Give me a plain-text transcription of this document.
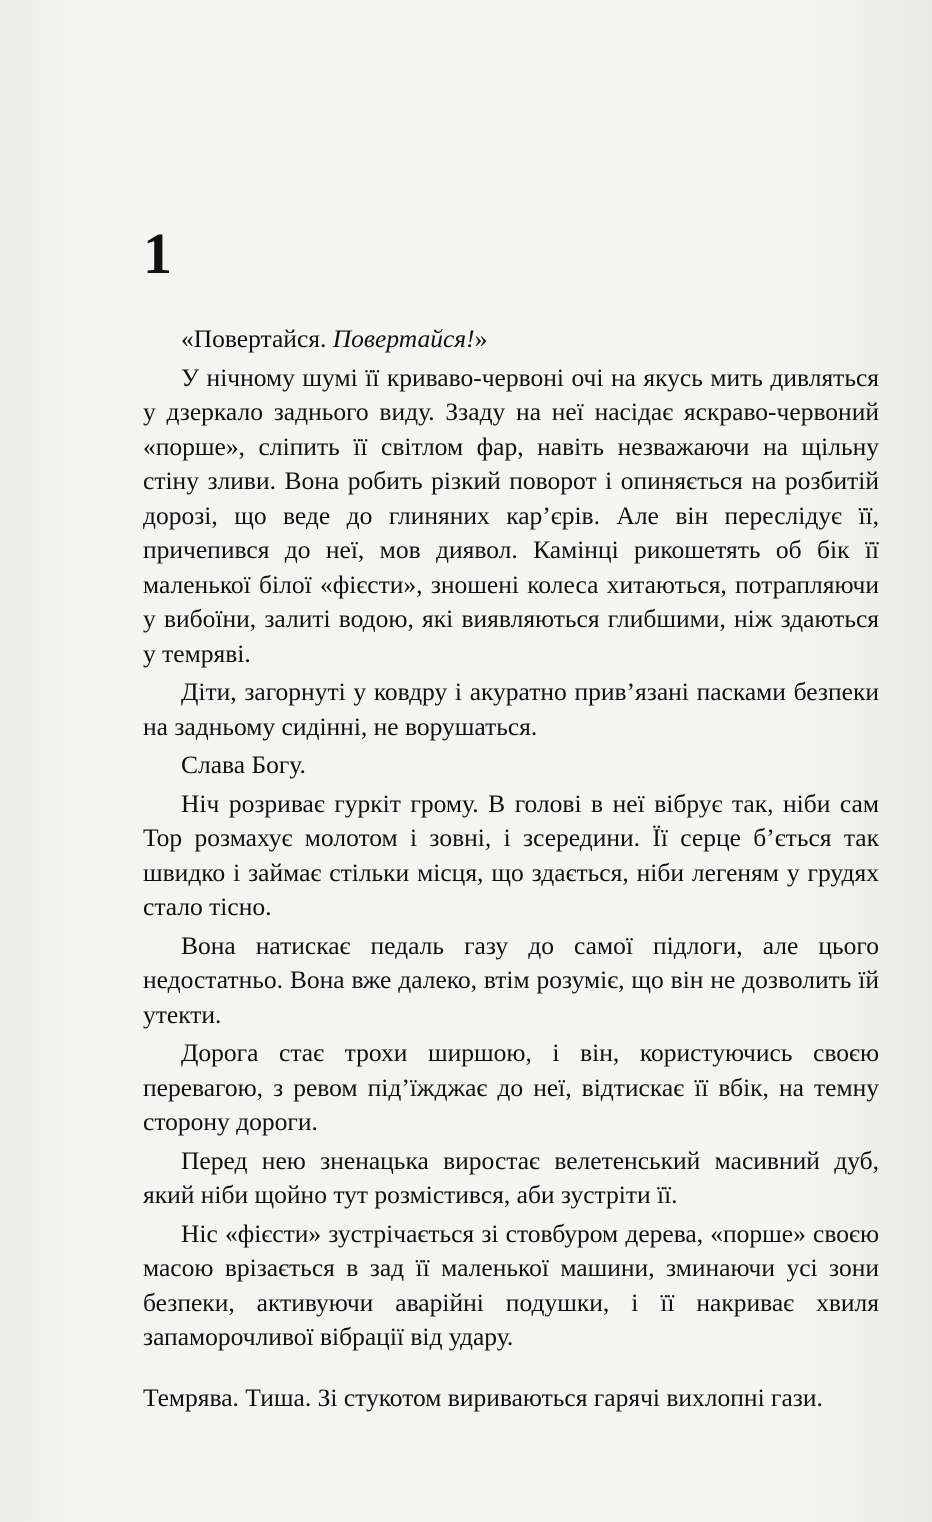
1

«Повертайся. Повертайся!»

У нічному шумі її криваво-червоні очі на якусь мить дивляться у дзеркало заднього виду. Ззаду на неї насідає яскраво-червоний «порше», сліпить її світлом фар, навіть незважаючи на щільну стіну зливи. Вона робить різкий поворот і опиняється на розбитій дорозі, що веде до глиняних кар’єрів. Але він переслідує її, причепився до неї, мов диявол. Камінці рикошетять об бік її маленької білої «фієсти», зношені колеса хитаються, потрапляючи у вибоїни, залиті водою, які виявляються глибшими, ніж здаються у темряві.

Діти, загорнуті у ковдру і акуратно прив’язані пасками безпеки на задньому сидінні, не ворушаться.

Слава Богу.

Ніч розриває гуркіт грому. В голові в неї вібрує так, ніби сам Тор розмахує молотом і зовні, і зсередини. Її серце б’ється так швидко і займає стільки місця, що здається, ніби легеням у грудях стало тісно.

Вона натискає педаль газу до самої підлоги, але цього недостатньо. Вона вже далеко, втім розуміє, що він не дозволить їй утекти.

Дорога стає трохи ширшою, і він, користуючись своєю перевагою, з ревом під’їжджає до неї, відтискає її вбік, на темну сторону дороги.

Перед нею зненацька виростає велетенський масивний дуб, який ніби щойно тут розмістився, аби зустріти її.

Ніс «фієсти» зустрічається зі стовбуром дерева, «порше» своєю масою врізається в зад її маленької машини, зминаючи усі зони безпеки, активуючи аварійні подушки, і її накриває хвиля запаморочливої вібрації від удару.

Темрява. Тиша. Зі стукотом вириваються гарячі вихлопні гази.
